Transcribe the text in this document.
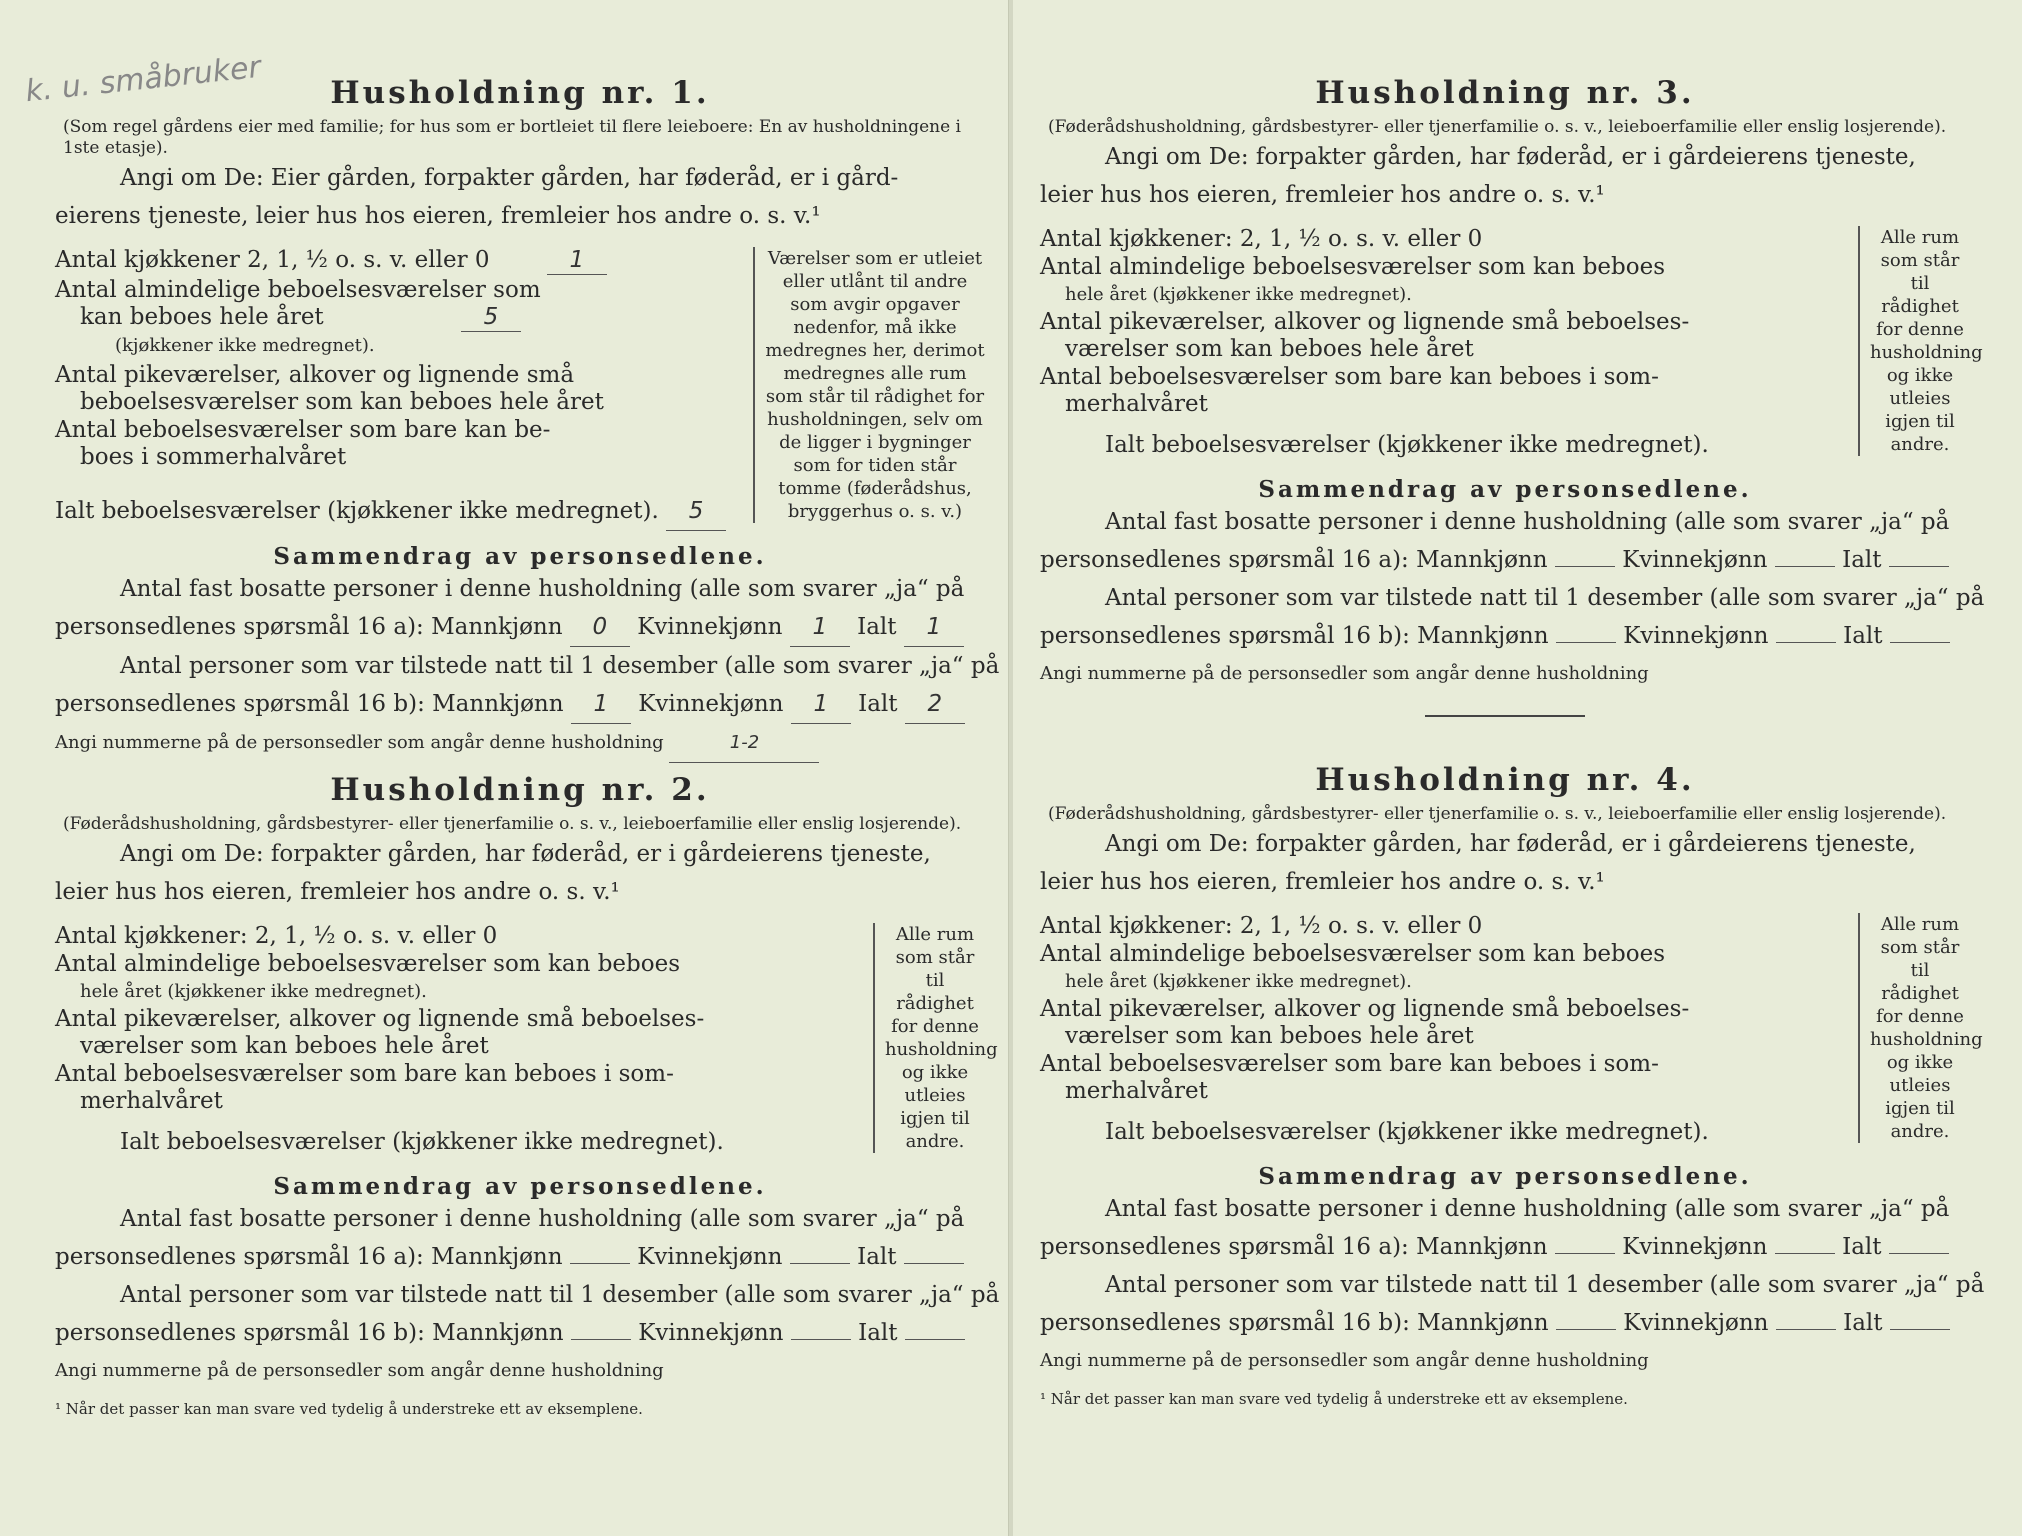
k. u. småbruker	Husholdning nr. 1.

(Som regel gårdens eier med familie; for hus som er bortleiet til flere leieboere: En av husholdningene i 1ste etasje).

Angi om De: Eier gården, forpakter gården, har føderåd, er i gård-

eierens tjeneste, leier hus hos eieren, fremleier hos andre o. s. v.¹

Antal kjøkkener 2, 1, ½ o. s. v. eller 0	1
Antal almindelige beboelsesværelser som
kan beboes hele året	5
(kjøkkener ikke medregnet).
Antal pikeværelser, alkover og lignende små
beboelsesværelser som kan beboes hele året
Antal beboelsesværelser som bare kan be-
boes i sommerhalvåret
Værelser som er utleiet eller utlånt til andre som avgir opgaver nedenfor, må ikke medregnes her, derimot medregnes alle rum som står til rådighet for husholdningen, selv om de ligger i bygninger som for tiden står tomme (føderådshus, bryggerhus o. s. v.)

Ialt beboelsesværelser (kjøkkener ikke medregnet). 5

Sammendrag av personsedlene.

Antal fast bosatte personer i denne husholdning (alle som svarer „ja“ på

personsedlenes spørsmål 16 a): Mannkjønn 0 Kvinnekjønn 1 Ialt 1

Antal personer som var tilstede natt til 1 desember (alle som svarer „ja“ på

personsedlenes spørsmål 16 b): Mannkjønn 1 Kvinnekjønn 1 Ialt 2

Angi nummerne på de personsedler som angår denne husholdning	1-2

Husholdning nr. 2.

(Føderådshusholdning, gårdsbestyrer- eller tjenerfamilie o. s. v., leieboerfamilie eller enslig losjerende).

Angi om De: forpakter gården, har føderåd, er i gårdeierens tjeneste,

leier hus hos eieren, fremleier hos andre o. s. v.¹

Antal kjøkkener: 2, 1, ½ o. s. v. eller 0
Antal almindelige beboelsesværelser som kan beboes
hele året (kjøkkener ikke medregnet).
Antal pikeværelser, alkover og lignende små beboelses-
værelser som kan beboes hele året
Antal beboelsesværelser som bare kan beboes i som-
merhalvåret
Alle rum som står til rådighet for denne husholdning og ikke utleies igjen til andre.

Ialt beboelsesværelser (kjøkkener ikke medregnet).

Sammendrag av personsedlene.

Antal fast bosatte personer i denne husholdning (alle som svarer „ja“ på

personsedlenes spørsmål 16 a): Mannkjønn	Kvinnekjønn	Ialt

Antal personer som var tilstede natt til 1 desember (alle som svarer „ja“ på

personsedlenes spørsmål 16 b): Mannkjønn	Kvinnekjønn	Ialt

Angi nummerne på de personsedler som angår denne husholdning

¹ Når det passer kan man svare ved tydelig å understreke ett av eksemplene.

Husholdning nr. 3.

(Føderådshusholdning, gårdsbestyrer- eller tjenerfamilie o. s. v., leieboerfamilie eller enslig losjerende).

Angi om De: forpakter gården, har føderåd, er i gårdeierens tjeneste,

leier hus hos eieren, fremleier hos andre o. s. v.¹

Antal kjøkkener: 2, 1, ½ o. s. v. eller 0
Antal almindelige beboelsesværelser som kan beboes
hele året (kjøkkener ikke medregnet).
Antal pikeværelser, alkover og lignende små beboelses-
værelser som kan beboes hele året
Antal beboelsesværelser som bare kan beboes i som-
merhalvåret
Alle rum som står til rådighet for denne husholdning og ikke utleies igjen til andre.

Ialt beboelsesværelser (kjøkkener ikke medregnet).

Sammendrag av personsedlene.

Antal fast bosatte personer i denne husholdning (alle som svarer „ja“ på

personsedlenes spørsmål 16 a): Mannkjønn	Kvinnekjønn	Ialt

Antal personer som var tilstede natt til 1 desember (alle som svarer „ja“ på

personsedlenes spørsmål 16 b): Mannkjønn	Kvinnekjønn	Ialt

Angi nummerne på de personsedler som angår denne husholdning

Husholdning nr. 4.

(Føderådshusholdning, gårdsbestyrer- eller tjenerfamilie o. s. v., leieboerfamilie eller enslig losjerende).

Angi om De: forpakter gården, har føderåd, er i gårdeierens tjeneste,

leier hus hos eieren, fremleier hos andre o. s. v.¹

Antal kjøkkener: 2, 1, ½ o. s. v. eller 0
Antal almindelige beboelsesværelser som kan beboes
hele året (kjøkkener ikke medregnet).
Antal pikeværelser, alkover og lignende små beboelses-
værelser som kan beboes hele året
Antal beboelsesværelser som bare kan beboes i som-
merhalvåret
Alle rum som står til rådighet for denne husholdning og ikke utleies igjen til andre.

Ialt beboelsesværelser (kjøkkener ikke medregnet).

Sammendrag av personsedlene.

Antal fast bosatte personer i denne husholdning (alle som svarer „ja“ på

personsedlenes spørsmål 16 a): Mannkjønn	Kvinnekjønn	Ialt

Antal personer som var tilstede natt til 1 desember (alle som svarer „ja“ på

personsedlenes spørsmål 16 b): Mannkjønn	Kvinnekjønn	Ialt

Angi nummerne på de personsedler som angår denne husholdning

¹ Når det passer kan man svare ved tydelig å understreke ett av eksemplene.
